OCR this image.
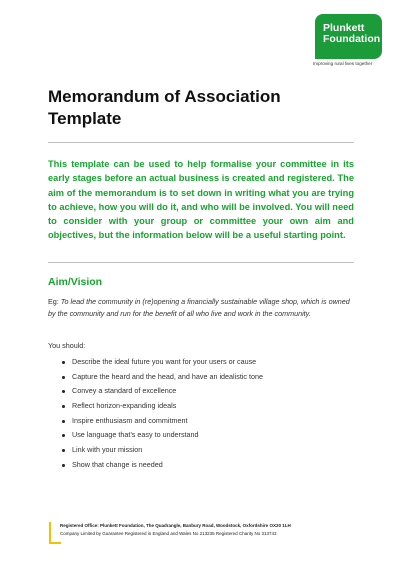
Plunkett
Foundation
Improving rural lives together
Memorandum of Association
Template

This template can be used to help formalise your committee in its early stages before an actual business is created and registered. The aim of the memorandum is to set down in writing what you are trying to achieve, how you will do it, and who will be involved. You will need to consider with your group or committee your own aim and objectives, but the information below will be a useful starting point.

Aim/Vision

Eg: To lead the community in (re)opening a financially sustainable village shop, which is owned by the community and run for the benefit of all who live and work in the community.

You should:

Describe the ideal future you want for your users or cause
Capture the heard and the head, and have an idealistic tone
Convey a standard of excellence
Reflect horizon-expanding ideals
Inspire enthusiasm and commitment
Use language that’s easy to understand
Link with your mission
Show that change is needed
Registered Office: Plunkett Foundation, The Quadrangle, Banbury Road, Woodstock, Oxfordshire OX20 1LH
Company Limited by Guarantee Registered in England and Wales No 213235 Registered Charity No 313743
